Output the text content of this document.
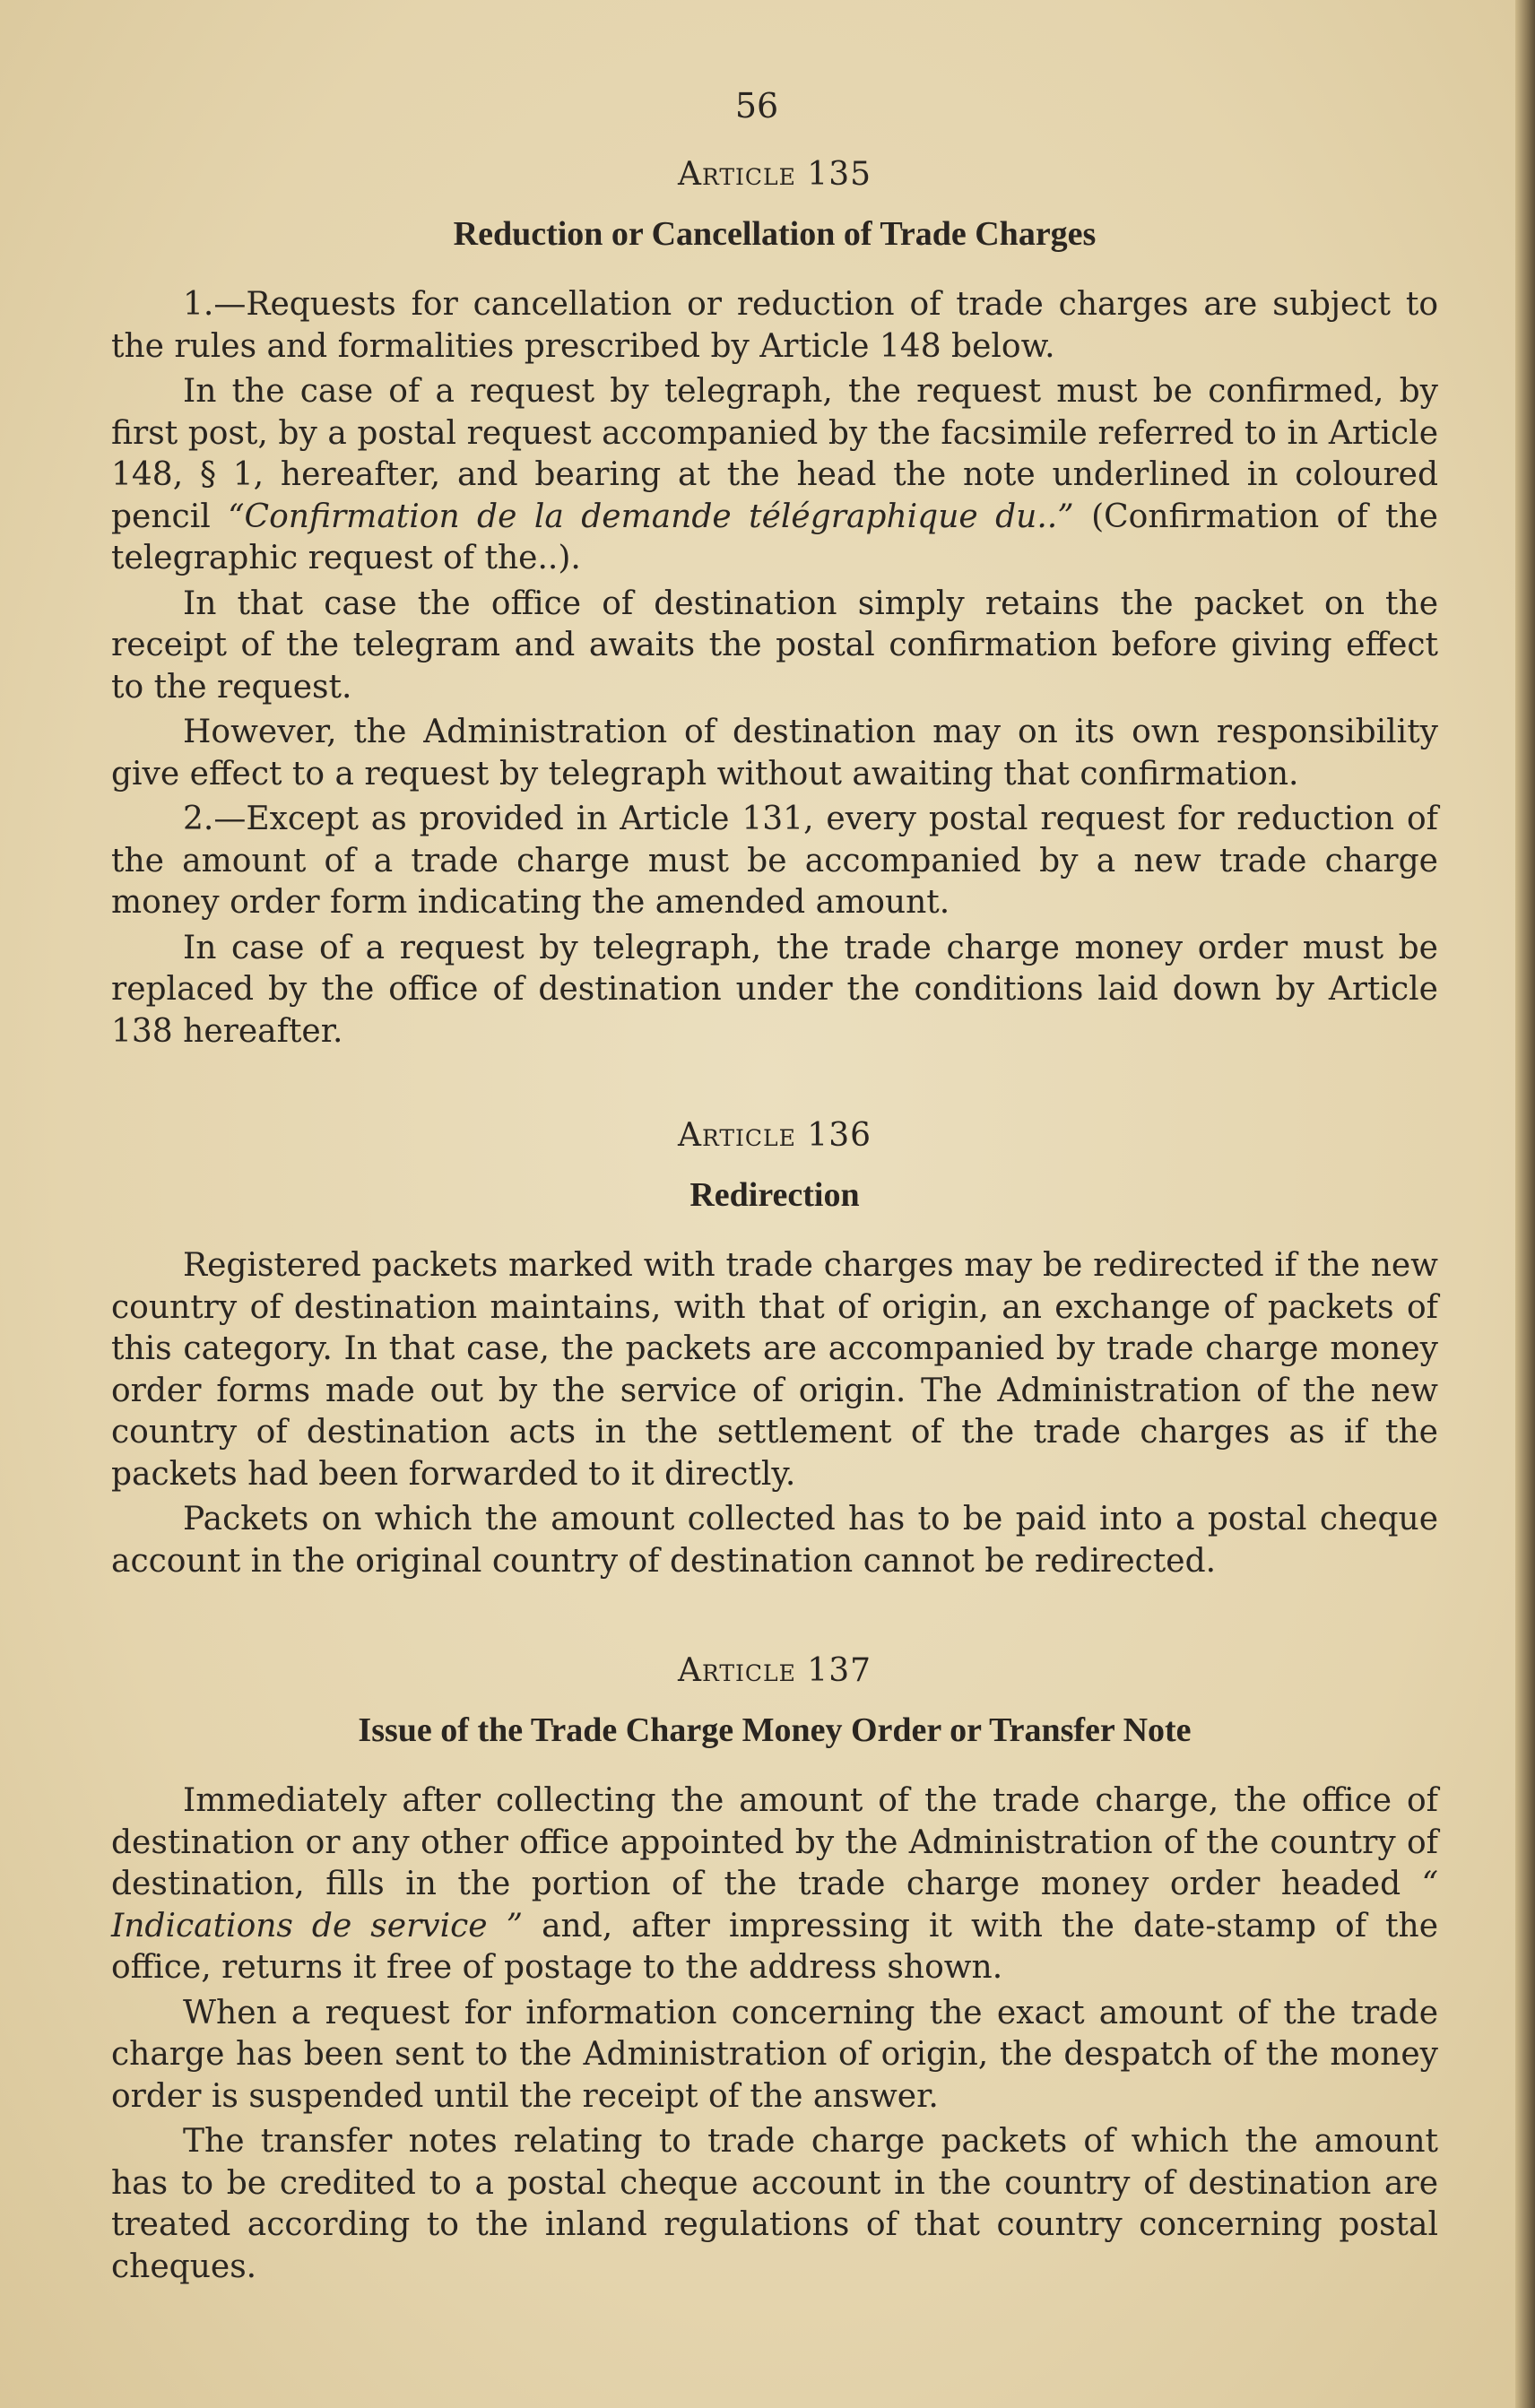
56
Article 135
Reduction or Cancellation of Trade Charges

1.—Requests for cancellation or reduction of trade charges are subject to the rules and formalities prescribed by Article 148 below.

In the case of a request by telegraph, the request must be confirmed, by first post, by a postal request accompanied by the facsimile referred to in Article 148, § 1, hereafter, and bearing at the head the note underlined in coloured pencil “Confirmation de la demande télégraphique du..” (Confirmation of the telegraphic request of the..).

In that case the office of destination simply retains the packet on the receipt of the telegram and awaits the postal confirmation before giving effect to the request.

However, the Administration of destination may on its own responsibility give effect to a request by telegraph without awaiting that confirmation.

2.—Except as provided in Article 131, every postal request for reduction of the amount of a trade charge must be accompanied by a new trade charge money order form indicating the amended amount.

In case of a request by telegraph, the trade charge money order must be replaced by the office of destination under the conditions laid down by Article 138 hereafter.

Article 136
Redirection

Registered packets marked with trade charges may be redirected if the new country of destination maintains, with that of origin, an exchange of packets of this category. In that case, the packets are accompanied by trade charge money order forms made out by the service of origin. The Administration of the new country of destination acts in the settlement of the trade charges as if the packets had been forwarded to it directly.

Packets on which the amount collected has to be paid into a postal cheque account in the original country of destination cannot be redirected.

Article 137
Issue of the Trade Charge Money Order or Transfer Note

Immediately after collecting the amount of the trade charge, the office of destination or any other office appointed by the Administration of the country of destination, fills in the portion of the trade charge money order headed “ Indications de service ” and, after impressing it with the date-stamp of the office, returns it free of postage to the address shown.

When a request for information concerning the exact amount of the trade charge has been sent to the Administration of origin, the despatch of the money order is suspended until the receipt of the answer.

The transfer notes relating to trade charge packets of which the amount has to be credited to a postal cheque account in the country of destination are treated according to the inland regulations of that country concerning postal cheques.
